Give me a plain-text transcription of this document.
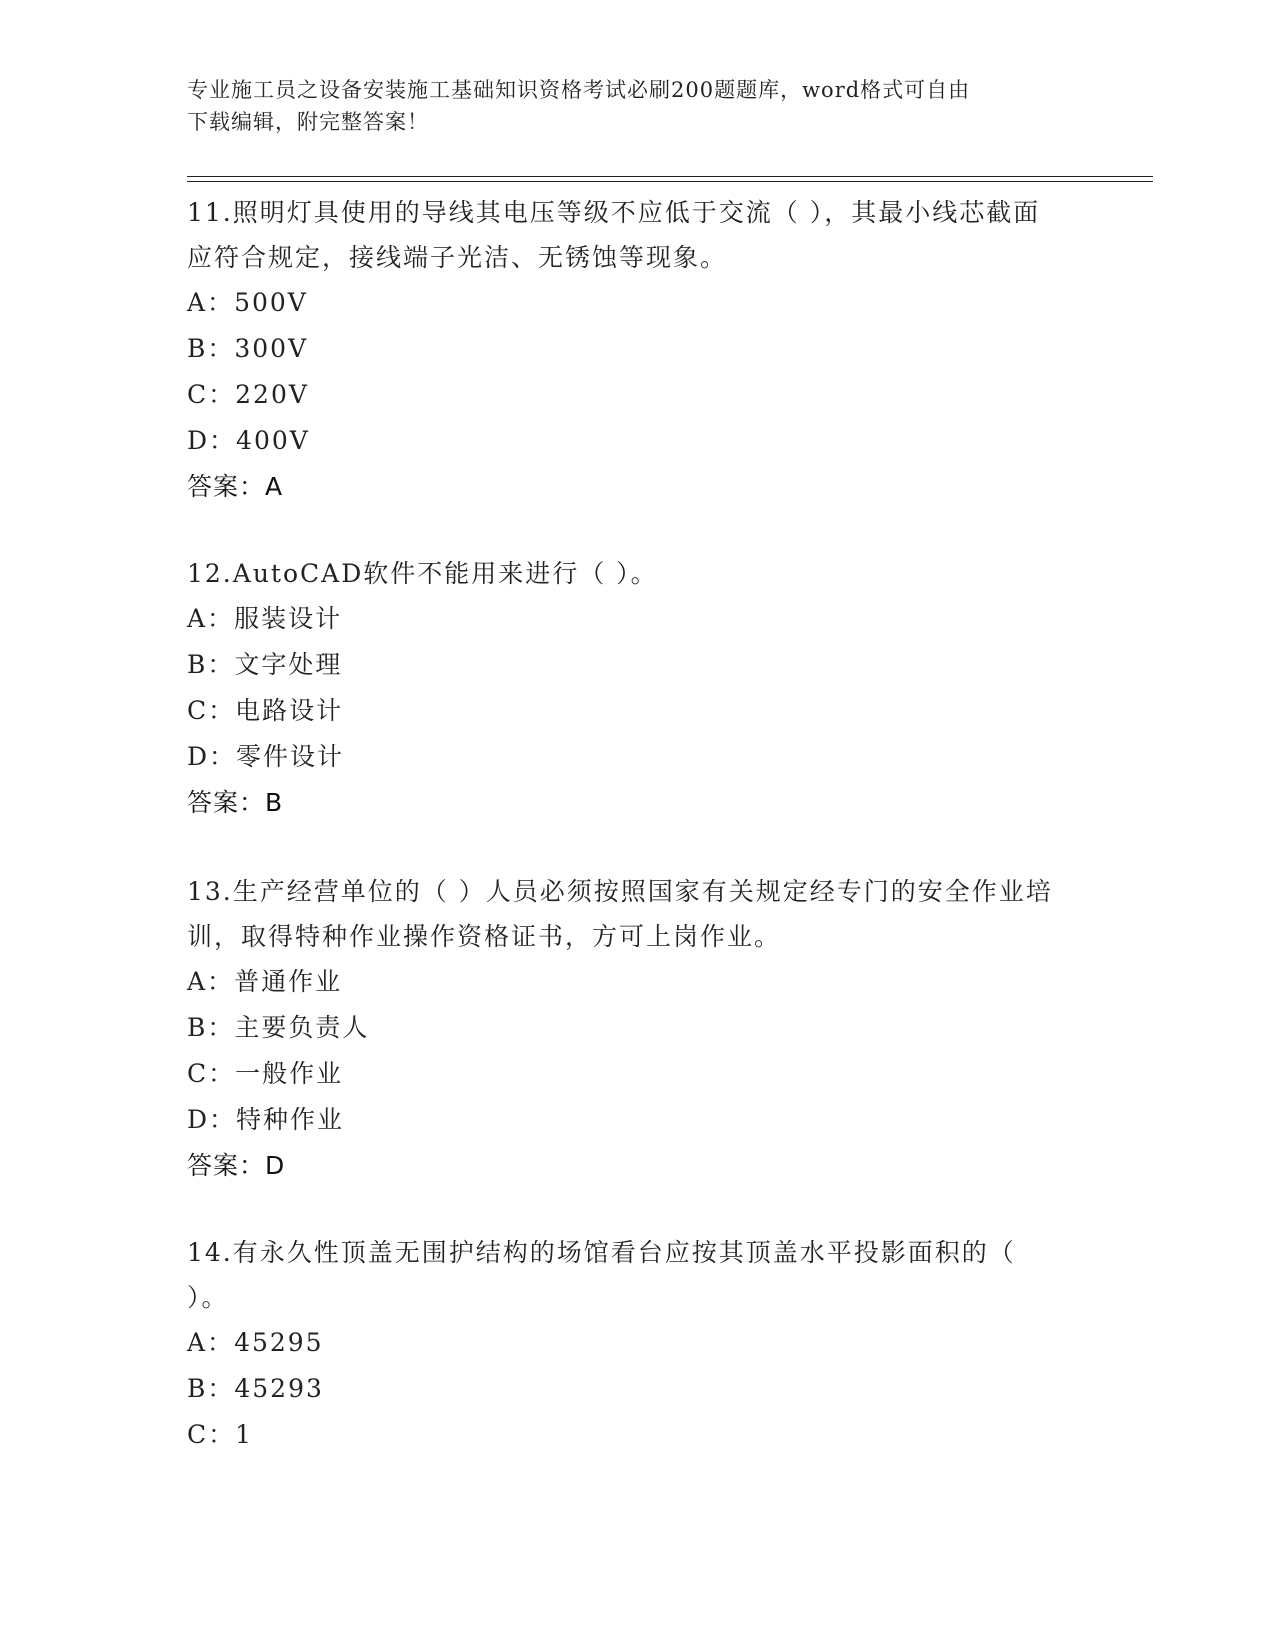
专业施工员之设备安装施工基础知识资格考试必刷200题题库，word格式可自由
下载编辑，附完整答案！

11.照明灯具使用的导线其电压等级不应低于交流（ ），其最小线芯截面应符合规定，接线端子光洁、无锈蚀等现象。

A：500V

B：300V

C：220V

D：400V

答案：A

12.AutoCAD软件不能用来进行（ ）。

A：服装设计

B：文字处理

C：电路设计

D：零件设计

答案：B

13.生产经营单位的（ ）人员必须按照国家有关规定经专门的安全作业培训，取得特种作业操作资格证书，方可上岗作业。

A：普通作业

B：主要负责人

C：一般作业

D：特种作业

答案：D

14.有永久性顶盖无围护结构的场馆看台应按其顶盖水平投影面积的（ ）。

A：45295

B：45293

C：1
